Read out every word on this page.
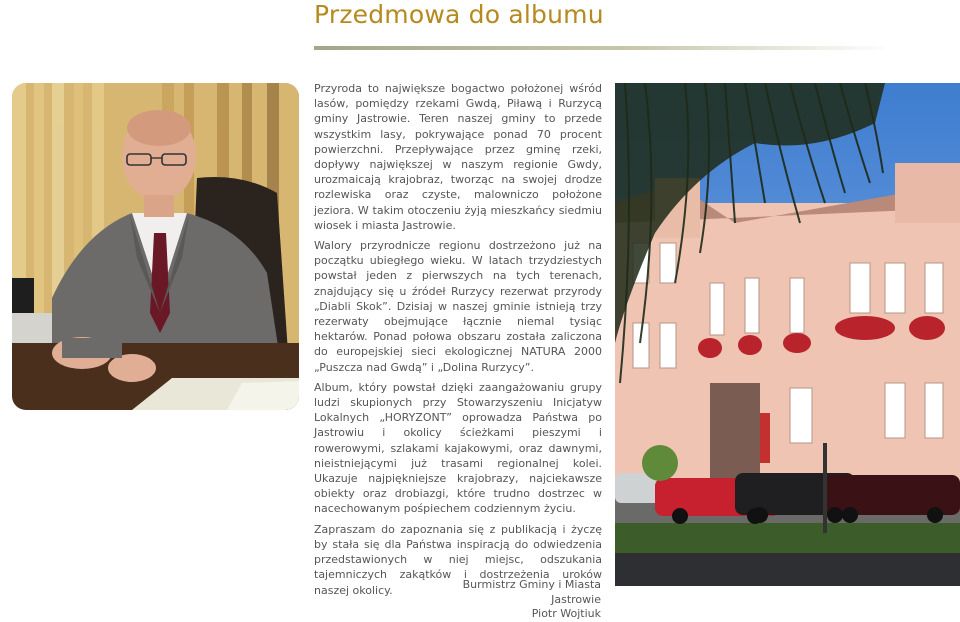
Przedmowa do albumu

Przyroda to największe bogactwo położonej wśród lasów, pomiędzy rzekami Gwdą, Piławą i Rurzycą gminy Jastrowie. Teren naszej gminy to przede wszystkim lasy, pokrywające ponad 70 procent powierzchni. Przepływające przez gminę rzeki, dopływy największej w naszym regionie Gwdy, urozmaicają krajobraz, tworząc na swojej drodze rozlewiska oraz czyste, malowniczo położone jeziora. W takim otoczeniu żyją mieszkańcy siedmiu wiosek i miasta Jastrowie.

Walory przyrodnicze regionu dostrzeżono już na początku ubiegłego wieku. W latach trzydziestych powstał jeden z pierwszych na tych terenach, znajdujący się u źródeł Rurzycy rezerwat przyrody „Diabli Skok”. Dzisiaj w naszej gminie istnieją trzy rezerwaty obejmujące łącznie niemal tysiąc hektarów. Ponad połowa obszaru została zaliczona do europejskiej sieci ekologicznej NATURA 2000 „Puszcza nad Gwdą” i „Dolina Rurzycy”.

Album, który powstał dzięki zaangażowaniu grupy ludzi skupionych przy Stowarzyszeniu Inicjatyw Lokalnych „HORYZONT” oprowadza Państwa po Jastrowiu i okolicy ścieżkami pieszymi i rowerowymi, szlakami kajakowymi, oraz dawnymi, nieistniejącymi już trasami regionalnej kolei. Ukazuje najpiękniejsze krajobrazy, najciekawsze obiekty oraz drobiazgi, które trudno dostrzec w nacechowanym pośpiechem codziennym życiu.

Zapraszam do zapoznania się z publikacją i życzę by stała się dla Państwa inspiracją do odwiedzenia przedstawionych w niej miejsc, odszukania tajemniczych zakątków i dostrzeżenia uroków naszej okolicy.	Burmistrz Gminy i Miasta
Jastrowie
Piotr Wojtiuk
